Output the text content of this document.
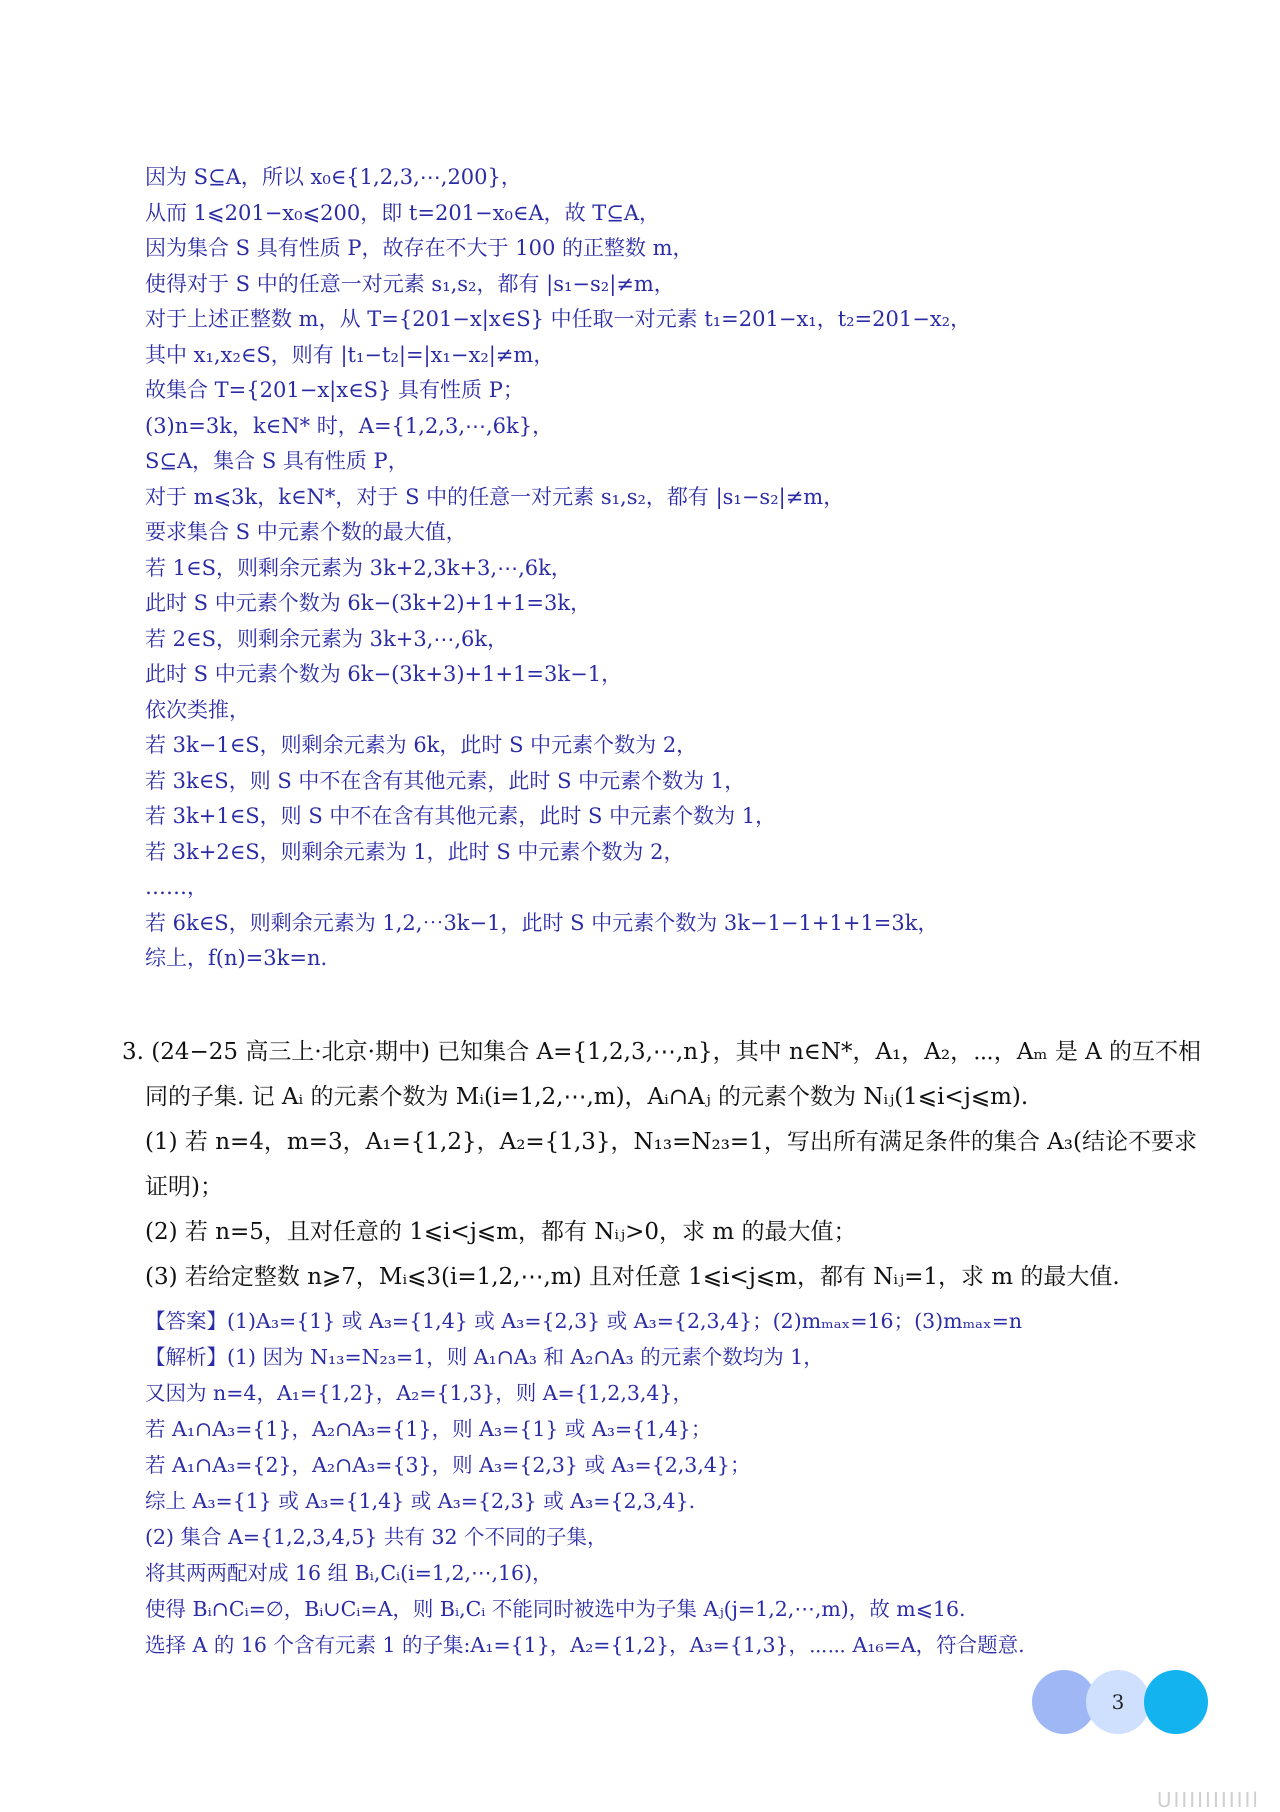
因为 S⊆A，所以 x₀∈{1,2,3,⋯,200}，
从而 1⩽201−x₀⩽200，即 t=201−x₀∈A，故 T⊆A，
因为集合 S 具有性质 P，故存在不大于 100 的正整数 m，
使得对于 S 中的任意一对元素 s₁,s₂，都有 |s₁−s₂|≠m，
对于上述正整数 m，从 T={201−x|x∈S} 中任取一对元素 t₁=201−x₁，t₂=201−x₂，
其中 x₁,x₂∈S，则有 |t₁−t₂|=|x₁−x₂|≠m，
故集合 T={201−x|x∈S} 具有性质 P；
(3)n=3k，k∈N* 时，A={1,2,3,⋯,6k}，
S⊆A，集合 S 具有性质 P，
对于 m⩽3k，k∈N*，对于 S 中的任意一对元素 s₁,s₂，都有 |s₁−s₂|≠m，
要求集合 S 中元素个数的最大值，
若 1∈S，则剩余元素为 3k+2,3k+3,⋯,6k，
此时 S 中元素个数为 6k−(3k+2)+1+1=3k，
若 2∈S，则剩余元素为 3k+3,⋯,6k，
此时 S 中元素个数为 6k−(3k+3)+1+1=3k−1，
依次类推，
若 3k−1∈S，则剩余元素为 6k，此时 S 中元素个数为 2，
若 3k∈S，则 S 中不在含有其他元素，此时 S 中元素个数为 1，
若 3k+1∈S，则 S 中不在含有其他元素，此时 S 中元素个数为 1，
若 3k+2∈S，则剩余元素为 1，此时 S 中元素个数为 2，
……，
若 6k∈S，则剩余元素为 1,2,⋯3k−1，此时 S 中元素个数为 3k−1−1+1+1=3k，
综上，f(n)=3k=n.
3. (24−25 高三上·北京·期中) 已知集合 A={1,2,3,⋯,n}，其中 n∈N*，A₁，A₂，⋯，Aₘ 是 A 的互不相
同的子集. 记 Aᵢ 的元素个数为 Mᵢ(i=1,2,⋯,m)，Aᵢ∩Aⱼ 的元素个数为 Nᵢⱼ(1⩽i<j⩽m).
(1) 若 n=4，m=3，A₁={1,2}，A₂={1,3}，N₁₃=N₂₃=1，写出所有满足条件的集合 A₃(结论不要求
证明)；
(2) 若 n=5，且对任意的 1⩽i<j⩽m，都有 Nᵢⱼ>0，求 m 的最大值；
(3) 若给定整数 n⩾7，Mᵢ⩽3(i=1,2,⋯,m) 且对任意 1⩽i<j⩽m，都有 Nᵢⱼ=1，求 m 的最大值.
【答案】(1)A₃={1} 或 A₃={1,4} 或 A₃={2,3} 或 A₃={2,3,4}；(2)mₘₐₓ=16；(3)mₘₐₓ=n
【解析】(1) 因为 N₁₃=N₂₃=1，则 A₁∩A₃ 和 A₂∩A₃ 的元素个数均为 1，
又因为 n=4，A₁={1,2}，A₂={1,3}，则 A={1,2,3,4}，
若 A₁∩A₃={1}，A₂∩A₃={1}，则 A₃={1} 或 A₃={1,4}；
若 A₁∩A₃={2}，A₂∩A₃={3}，则 A₃={2,3} 或 A₃={2,3,4}；
综上 A₃={1} 或 A₃={1,4} 或 A₃={2,3} 或 A₃={2,3,4}.
(2) 集合 A={1,2,3,4,5} 共有 32 个不同的子集，
将其两两配对成 16 组 Bᵢ,Cᵢ(i=1,2,⋯,16)，
使得 Bᵢ∩Cᵢ=∅，Bᵢ∪Cᵢ=A，则 Bᵢ,Cᵢ 不能同时被选中为子集 Aⱼ(j=1,2,⋯,m)，故 m⩽16.
选择 A 的 16 个含有元素 1 的子集:A₁={1}，A₂={1,2}，A₃={1,3}，⋯⋯ A₁₆=A，符合题意.
3
UIIIIIIIIIIl
